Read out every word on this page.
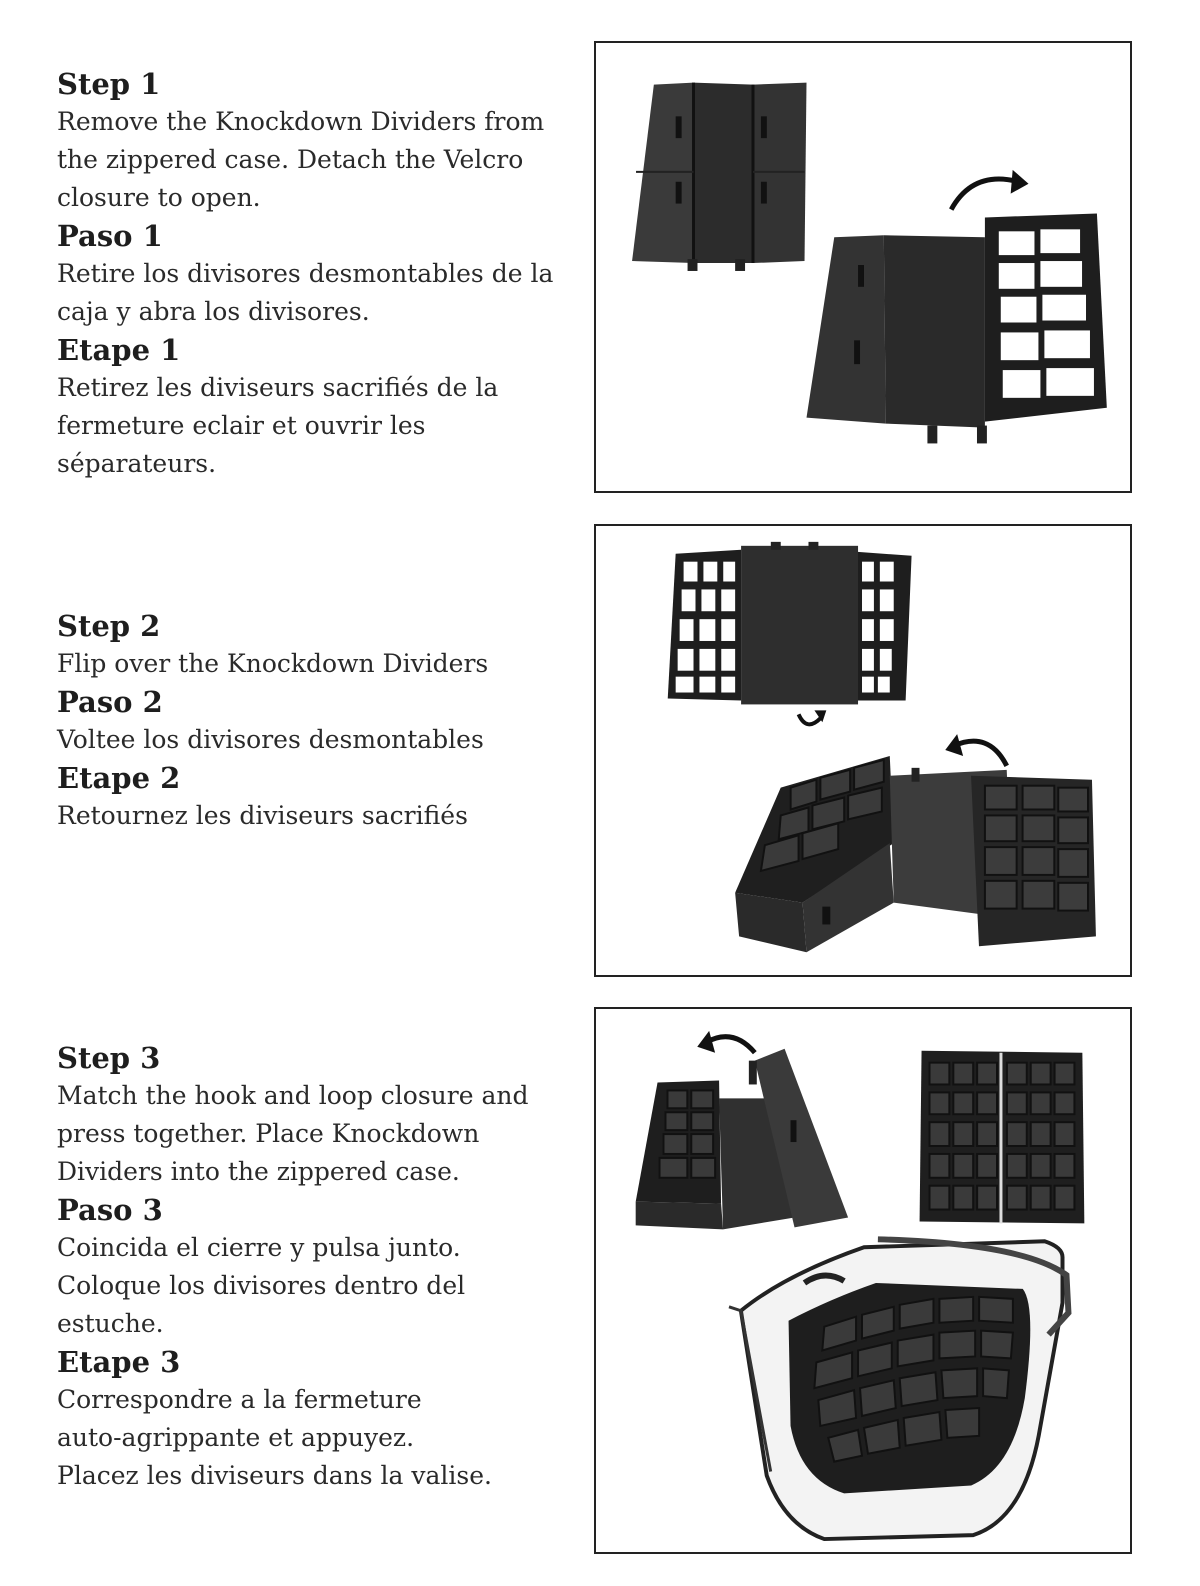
Step 1
Remove the Knockdown Dividers from
the zippered case. Detach the Velcro
closure to open.
Paso 1
Retire los divisores desmontables de la
caja y abra los divisores.
Etape 1
Retirez les diviseurs sacrifiés de la
fermeture eclair et ouvrir les séparateurs.
Step 2
Flip over the Knockdown Dividers
Paso 2
Voltee los divisores desmontables
Etape 2
Retournez les diviseurs sacrifiés
Step 3
Match the hook and loop closure and
press together. Place Knockdown
Dividers into the zippered case.
Paso 3
Coincida el cierre y pulsa junto.
Coloque los divisores dentro del estuche.
Etape 3
Correspondre a la fermeture
auto-agrippante et appuyez.
Placez les diviseurs dans la valise.
